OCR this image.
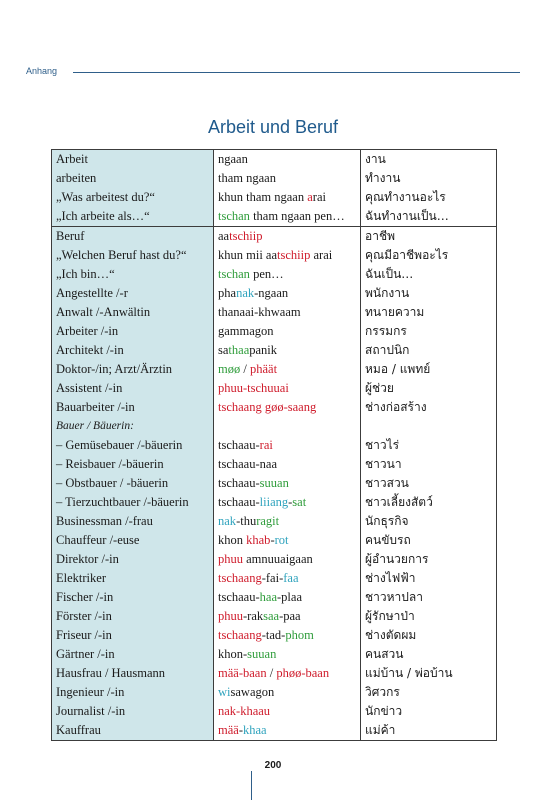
Anhang
Arbeit und Beruf
Arbeit	ngaan	งาน
arbeiten	tham ngaan	ทำงาน
„Was arbeitest du?“	khun tham ngaan arai	คุณทำงานอะไร
„Ich arbeite als…“	tschan tham ngaan pen…	ฉันทำงานเป็น…
Beruf	aatschiip	อาชีพ
„Welchen Beruf hast du?“	khun mii aatschiip arai	คุณมีอาชีพอะไร
„Ich bin…“	tschan pen…	ฉันเป็น…
Angestellte /-r	phanak-ngaan	พนักงาน
Anwalt /-Anwältin	thanaai-khwaam	ทนายความ
Arbeiter /-in	gammagon	กรรมกร
Architekt /-in	sathaapanik	สถาปนิก
Doktor-/in; Arzt/Ärztin	møø / phäät	หมอ / แพทย์
Assistent /-in	phuu-tschuuai	ผู้ช่วย
Bauarbeiter /-in	tschaang gøø-saang	ช่างก่อสร้าง
Bauer / Bäuerin:		
– Gemüsebauer /-bäuerin	tschaau-rai	ชาวไร่
– Reisbauer /-bäuerin	tschaau-naa	ชาวนา
– Obstbauer / -bäuerin	tschaau-suuan	ชาวสวน
– Tierzuchtbauer /-bäuerin	tschaau-liiang-sat	ชาวเลี้ยงสัตว์
Businessman /-frau	nak-thuragit	นักธุรกิจ
Chauffeur /-euse	khon khab-rot	คนขับรถ
Direktor /-in	phuu amnuuaigaan	ผู้อำนวยการ
Elektriker	tschaang-fai-faa	ช่างไฟฟ้า
Fischer /-in	tschaau-haa-plaa	ชาวหาปลา
Förster /-in	phuu-raksaa-paa	ผู้รักษาป่า
Friseur /-in	tschaang-tad-phom	ช่างตัดผม
Gärtner /-in	khon-suuan	คนสวน
Hausfrau / Hausmann	mää-baan / phøø-baan	แม่บ้าน / พ่อบ้าน
Ingenieur /-in	wisawagon	วิศวกร
Journalist /-in	nak-khaau	นักข่าว
Kauffrau	mää-khaa	แม่ค้า
200
